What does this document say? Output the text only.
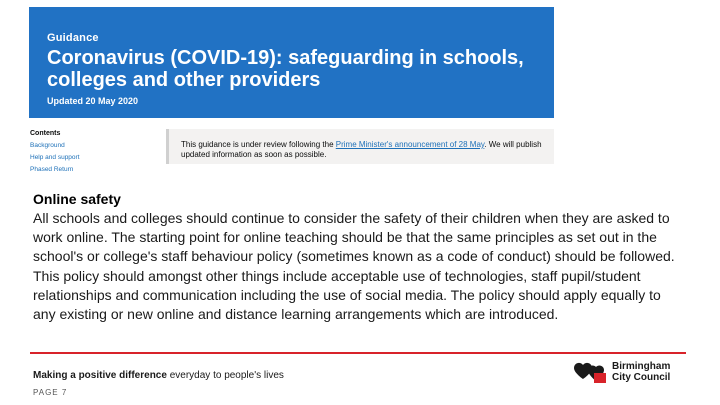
Guidance
Coronavirus (COVID-19): safeguarding in schools, colleges and other providers
Updated 20 May 2020
Contents
Background
Help and support
Phased Return
This guidance is under review following the Prime Minister's announcement of 28 May. We will publish updated information as soon as possible.
Online safety
All schools and colleges should continue to consider the safety of their children when they are asked to work online. The starting point for online teaching should be that the same principles as set out in the school's or college's staff behaviour policy (sometimes known as a code of conduct) should be followed. This policy should amongst other things include acceptable use of technologies, staff pupil/student relationships and communication including the use of social media. The policy should apply equally to any existing or new online and distance learning arrangements which are introduced.
Making a positive difference everyday to people's lives
PAGE 7
Birmingham
City Council
